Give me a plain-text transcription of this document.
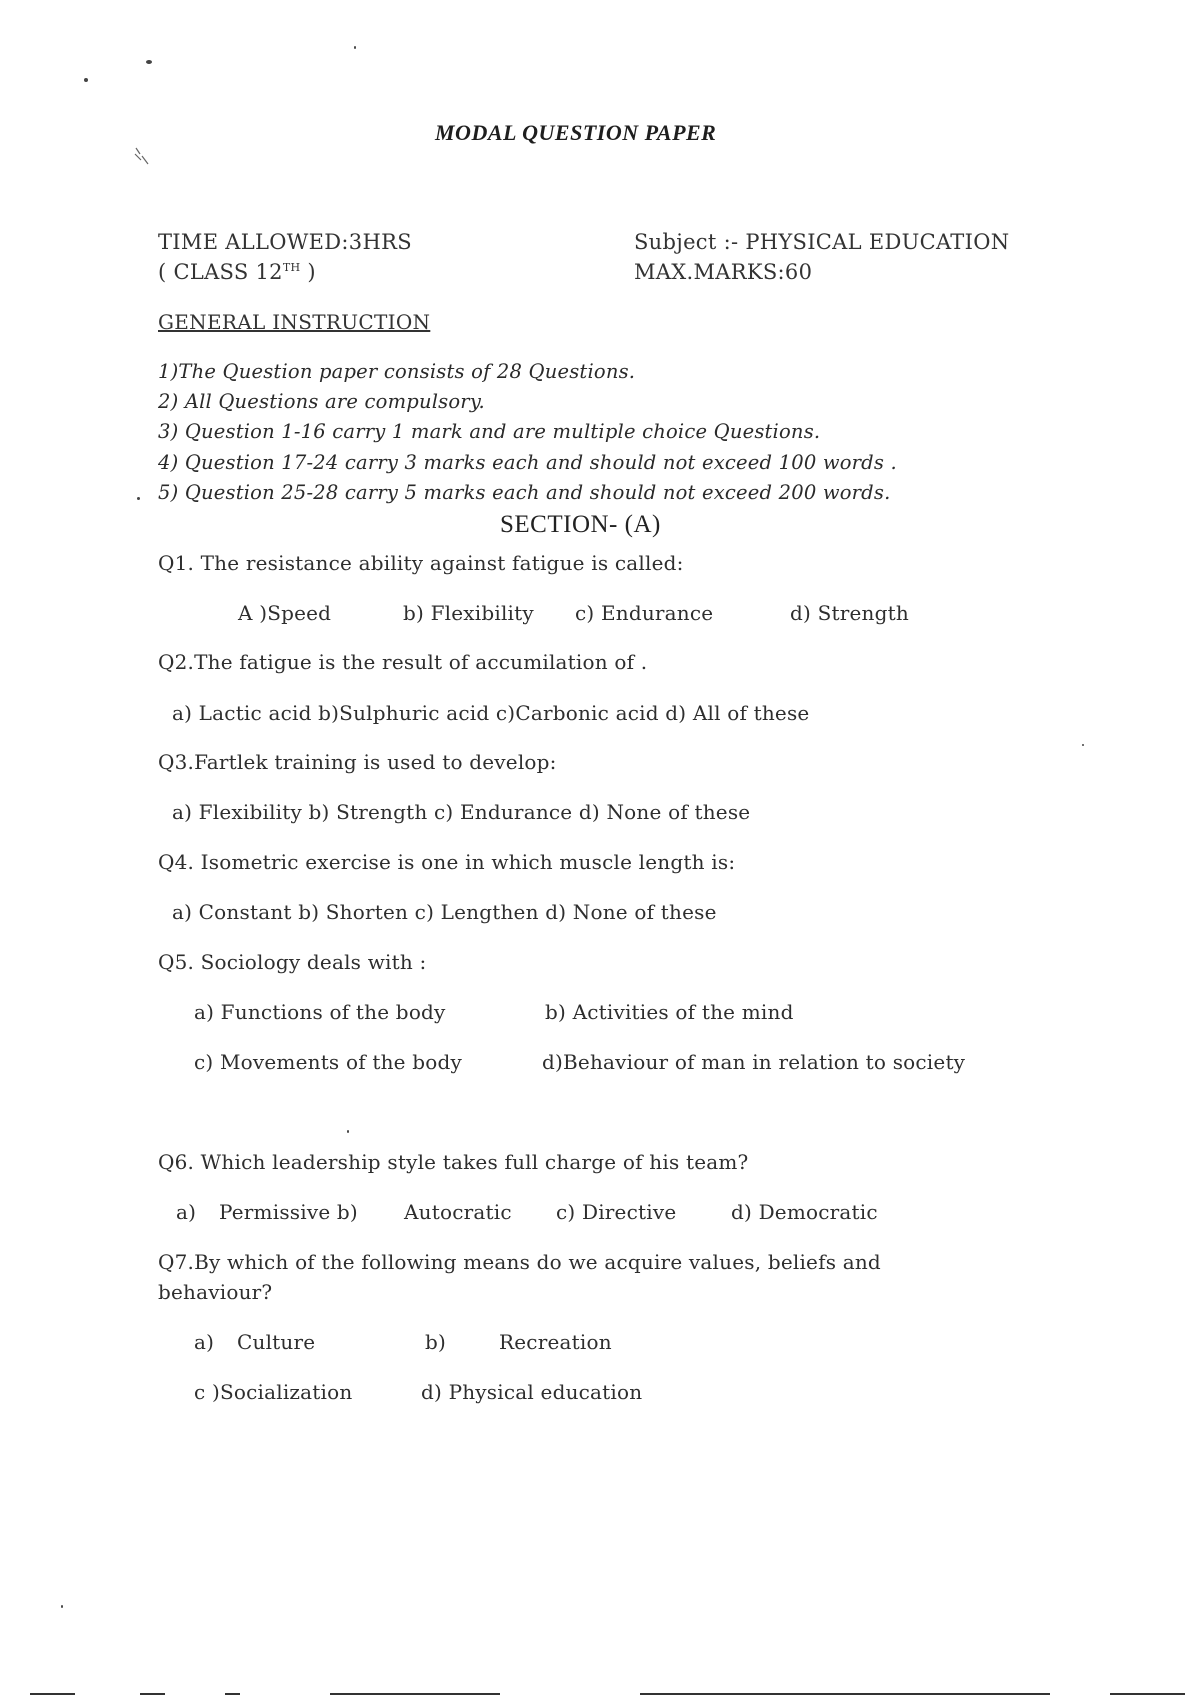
MODAL QUESTION PAPER
TIME ALLOWED:3HRS
( CLASS 12TH )
Subject :- PHYSICAL EDUCATION
MAX.MARKS:60
GENERAL INSTRUCTION
1)The Question paper consists of 28 Questions.
2) All Questions are compulsory.
3) Question 1-16 carry 1 mark and are multiple choice Questions.
4) Question 17-24 carry 3 marks each and should not exceed 100 words .
5) Question 25-28 carry 5 marks each and should not exceed 200 words.
SECTION- (A)
Q1. The resistance ability against fatigue is called:
A )Speed	b) Flexibility c) Endurance	d) Strength
Q2.The fatigue is the result of accumilation of .
a) Lactic acid b)Sulphuric acid c)Carbonic acid d) All of these
Q3.Fartlek training is used to develop:
a) Flexibility b) Strength c) Endurance d) None of these
Q4. Isometric exercise is one in which muscle length is:
a) Constant b) Shorten c) Lengthen d) None of these
Q5. Sociology deals with :
a) Functions of the body	b) Activities of the mind
c) Movements of the body	d)Behaviour of man in relation to society
Q6. Which leadership style takes full charge of his team?
a) Permissive b) Autocratic c) Directive	d) Democratic
Q7.By which of the following means do we acquire values, beliefs and
behaviour?
a) Culture	b)	Recreation
c )Socialization	d) Physical education
